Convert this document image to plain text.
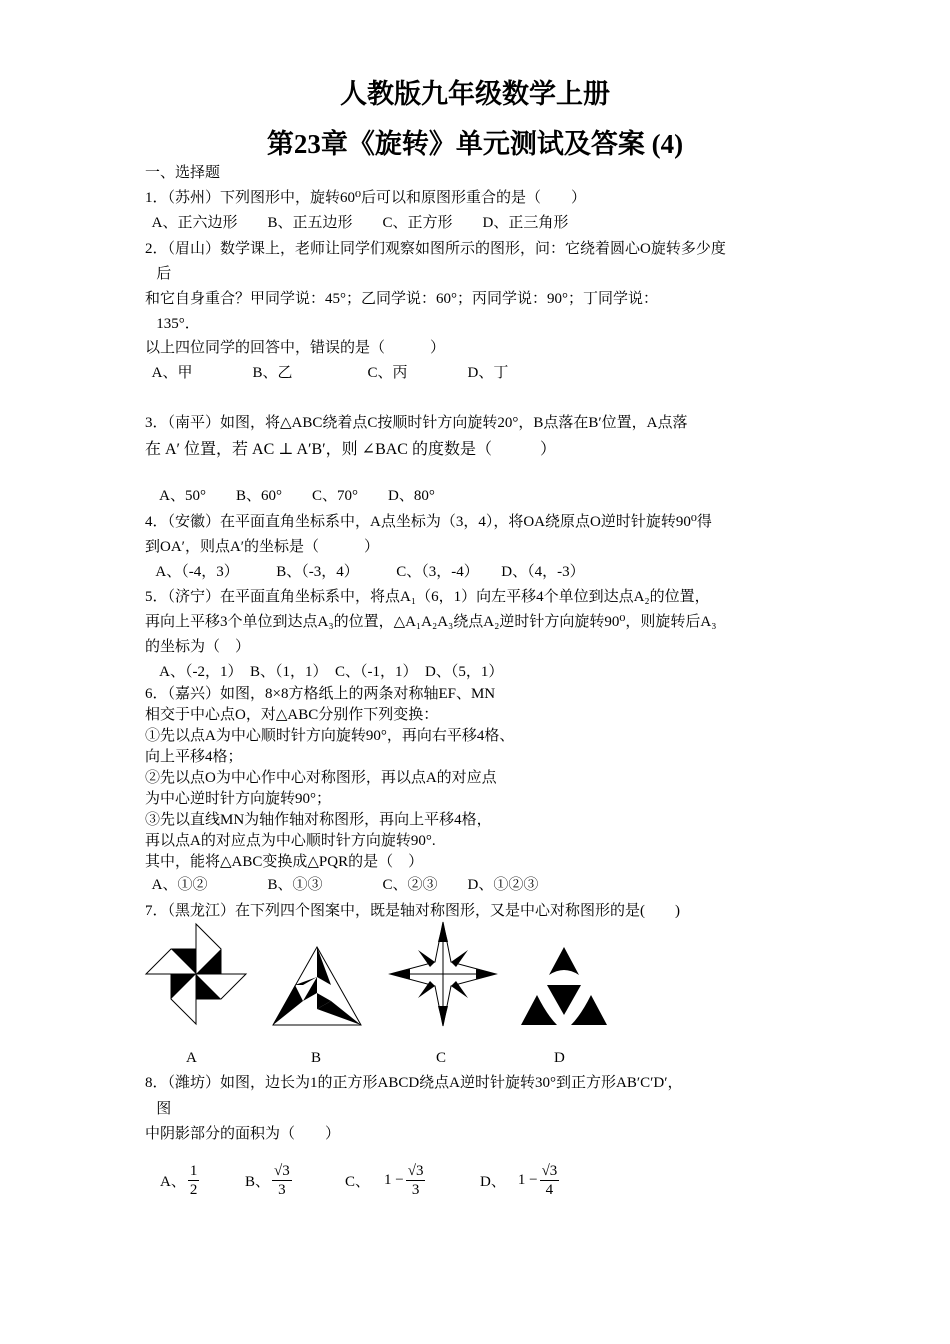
人教版九年级数学上册
第23章《旋转》单元测试及答案 (4)
一、选择题
1．（苏州）下列图形中，旋转60⁰后可以和原图形重合的是（　　）
A、正六边形　　B、正五边形　　C、正方形　　D、正三角形
2．（眉山）数学课上，老师让同学们观察如图所示的图形，问：它绕着圆心O旋转多少度
后
和它自身重合？甲同学说：45°；乙同学说：60°；丙同学说：90°；丁同学说：
135°．
以上四位同学的回答中，错误的是（　　　）
A、甲　　　　B、乙　　　　　C、丙　　　　D、丁
3．（南平）如图，将△ABC绕着点C按顺时针方向旋转20°，B点落在B′位置，A点落
在 A′ 位置，若 AC ⊥ A′B′，则 ∠BAC 的度数是（　　　）
A、50°　　B、60°　　C、70°　　D、80°
4．（安徽）在平面直角坐标系中，A点坐标为（3，4），将OA绕原点O逆时针旋转90⁰得
到OA′，则点A′的坐标是（　　　）
A、（-4，3）　　　B、（-3，4）　　　C、（3，-4）　　D、（4，-3）
5．（济宁）在平面直角坐标系中，将点A₁（6，1）向左平移4个单位到达点A₂的位置，
再向上平移3个单位到达点A₃的位置，△A₁A₂A₃绕点A₂逆时针方向旋转90⁰，则旋转后A₃
的坐标为（　）
A、（-2，1）　B、（1，1）　C、（-1，1）　D、（5，1）
6．（嘉兴）如图，8×8方格纸上的两条对称轴EF、MN
相交于中心点O，对△ABC分别作下列变换：
①先以点A为中心顺时针方向旋转90°，再向右平移4格、
向上平移4格；
②先以点O为中心作中心对称图形，再以点A的对应点
为中心逆时针方向旋转90°；
③先以直线MN为轴作轴对称图形，再向上平移4格，
再以点A的对应点为中心顺时针方向旋转90°.
其中，能将△ABC变换成△PQR的是（　）
A、①②　　　　B、①③　　　　C、②③　　D、①②③
7．（黑龙江）在下列四个图案中，既是轴对称图形，又是中心对称图形的是(　　)
A	B	C	D
8．（潍坊）如图，边长为1的正方形ABCD绕点A逆时针旋转30°到正方形AB′C′D′，
图
中阴影部分的面积为（　　）
A、 $\frac{1}{2}$	B、 $\frac{√3}{3}$	C、 $1 - \frac{√3}{3}$	D、 $1 - \frac{√3}{4}$
